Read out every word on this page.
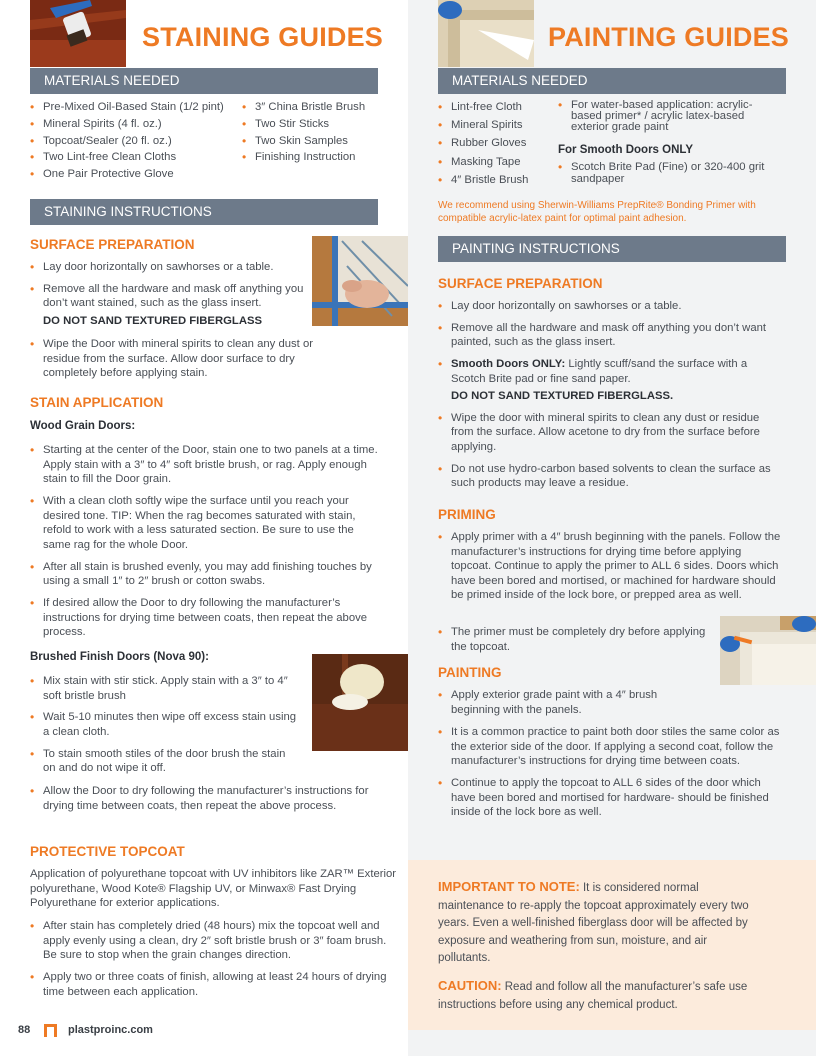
STAINING GUIDES
MATERIALS NEEDED
• Pre-Mixed Oil-Based Stain (1/2 pint)
• Mineral Spirits (4 fl. oz.)
• Topcoat/Sealer (20 fl. oz.)
• Two Lint-free Clean Cloths
• One Pair Protective Glove
• 3″ China Bristle Brush
• Two Stir Sticks
• Two Skin Samples
• Finishing Instruction
STAINING INSTRUCTIONS
SURFACE PREPARATION
• Lay door horizontally on sawhorses or a table.
• Remove all the hardware and mask off anything you don’t want stained, such as the glass insert.
DO NOT SAND TEXTURED FIBERGLASS
• Wipe the Door with mineral spirits to clean any dust or residue from the surface. Allow door surface to dry completely before applying stain.
STAIN APPLICATION
Wood Grain Doors:
• Starting at the center of the Door, stain one to two panels at a time. Apply stain with a 3″ to 4″ soft bristle brush, or rag. Apply enough stain to fill the Door grain.
• With a clean cloth softly wipe the surface until you reach your desired tone. TIP: When the rag becomes saturated with stain, refold to work with a less saturated section. Be sure to use the same rag for the whole Door.
• After all stain is brushed evenly, you may add finishing touches by using a small 1″ to 2″ brush or cotton swabs.
• If desired allow the Door to dry following the manufacturer’s instructions for drying time between coats, then repeat the above process.
Brushed Finish Doors (Nova 90):
• Mix stain with stir stick. Apply stain with a 3″ to 4″ soft bristle brush
• Wait 5-10 minutes then wipe off excess stain using a clean cloth.
• To stain smooth stiles of the door brush the stain on and do not wipe it off.
• Allow the Door to dry following the manufacturer’s instructions for drying time between coats, then repeat the above process.
PROTECTIVE TOPCOAT
Application of polyurethane topcoat with UV inhibitors like ZAR™ Exterior polyurethane, Wood Kote® Flagship UV, or Minwax® Fast Drying Polyurethane for exterior applications.
• After stain has completely dried (48 hours) mix the topcoat well and apply evenly using a clean, dry 2″ soft bristle brush or 3″ foam brush. Be sure to stop when the grain changes direction.
• Apply two or three coats of finish, allowing at least 24 hours of drying time between each application.
PAINTING GUIDES
MATERIALS NEEDED
• Lint-free Cloth
• Mineral Spirits
• Rubber Gloves
• Masking Tape
• 4″ Bristle Brush
• For water-based application: acrylic-based primer* / acrylic latex-based exterior grade paint
For Smooth Doors ONLY
• Scotch Brite Pad (Fine) or 320-400 grit sandpaper
We recommend using Sherwin-Williams PrepRite® Bonding Primer with compatible acrylic-latex paint for optimal paint adhesion.
PAINTING INSTRUCTIONS
SURFACE PREPARATION
• Lay door horizontally on sawhorses or a table.
• Remove all the hardware and mask off anything you don’t want painted, such as the glass insert.
• Smooth Doors ONLY: Lightly scuff/sand the surface with a Scotch Brite pad or fine sand paper.
DO NOT SAND TEXTURED FIBERGLASS.
• Wipe the door with mineral spirits to clean any dust or residue from the surface. Allow acetone to dry from the surface before applying.
• Do not use hydro-carbon based solvents to clean the surface as such products may leave a residue.
PRIMING
• Apply primer with a 4″ brush beginning with the panels. Follow the manufacturer’s instructions for drying time before applying topcoat. Continue to apply the primer to ALL 6 sides. Doors which have been bored and mortised, or machined for hardware should be primed inside of the lock bore, or prepped area as well.
• The primer must be completely dry before applying the topcoat.
PAINTING
• Apply exterior grade paint with a 4″ brush beginning with the panels.
• It is a common practice to paint both door stiles the same color as the exterior side of the door. If applying a second coat, follow the manufacturer’s instructions for drying time between coats.
• Continue to apply the topcoat to ALL 6 sides of the door which have been bored and mortised for hardware- should be finished inside of the lock bore as well.
IMPORTANT TO NOTE: It is considered normal maintenance to re-apply the topcoat approximately every two years. Even a well-finished fiberglass door will be affected by exposure and weathering from sun, moisture, and air pollutants.
CAUTION: Read and follow all the manufacturer’s safe use instructions before using any chemical product.
88	plastproinc.com
